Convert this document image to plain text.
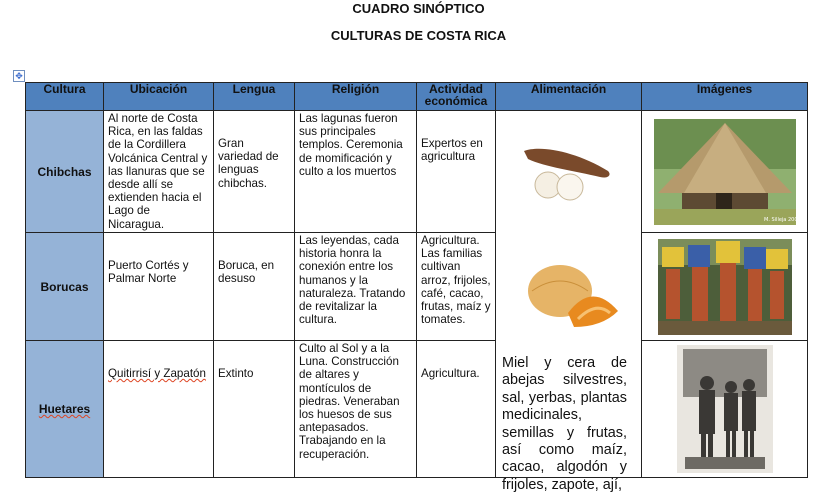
CUADRO SINÓPTICO
CULTURAS DE COSTA RICA
✥
Cultura	Ubicación	Lengua	Religión	Actividad económica	Alimentación	Imágenes
Chibchas	Al norte de Costa Rica, en las faldas de la Cordillera Volcánica Central y las llanuras que se desde allí se extienden hacia el Lago de Nicaragua.	Gran variedad de lenguas chibchas.	Las lagunas fueron sus principales templos. Ceremonia de momificación y culto a los muertos	Expertos en agricultura	Miel y cera de abejas silvestres, sal, yerbas, plantas medicinales, semillas y frutas, así como maíz, cacao, algodón y frijoles, zapote, ají,	M. Silleja 2007

Borucas	Puerto Cortés y Palmar Norte	Boruca, en desuso	Las leyendas, cada historia honra la conexión entre los humanos y la naturaleza. Tratando de revitalizar la cultura.	Agricultura. Las familias cultivan arroz, frijoles, café, cacao, frutas, maíz y tomates.	

Huetares	Quitirrisí y Zapatón	Extinto	Culto al Sol y a la Luna. Construcción de altares y montículos de piedras. Veneraban los huesos de sus antepasados. Trabajando en la recuperación.	Agricultura.	
